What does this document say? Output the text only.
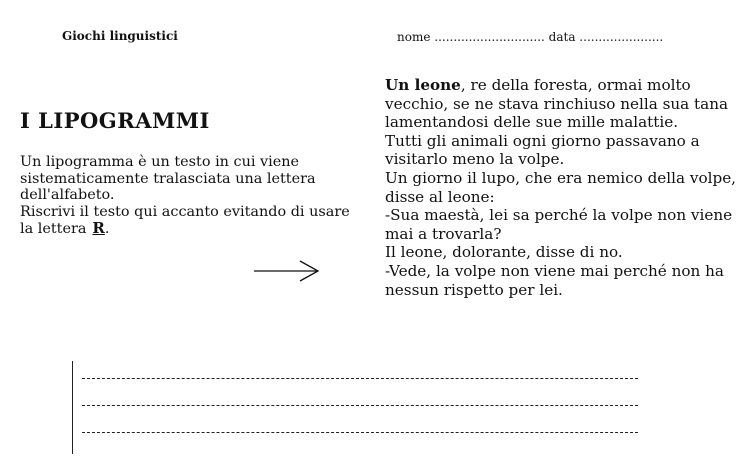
Giochi linguistici	nome ............................. data ......................
I LIPOGRAMMI

Un lipogramma è un testo in cui viene sistematicamente tralasciata una lettera dell'alfabeto.

Riscrivi il testo qui accanto evitando di usare la lettera R.

Un leone, re della foresta, ormai molto vecchio, se ne stava rinchiuso nella sua tana lamentandosi delle sue mille malattie.

Tutti gli animali ogni giorno passavano a visitarlo meno la volpe.

Un giorno il lupo, che era nemico della volpe, disse al leone:

-Sua maestà, lei sa perché la volpe non viene mai a trovarla?

Il leone, dolorante, disse di no.

-Vede, la volpe non viene mai perché non ha nessun rispetto per lei.
